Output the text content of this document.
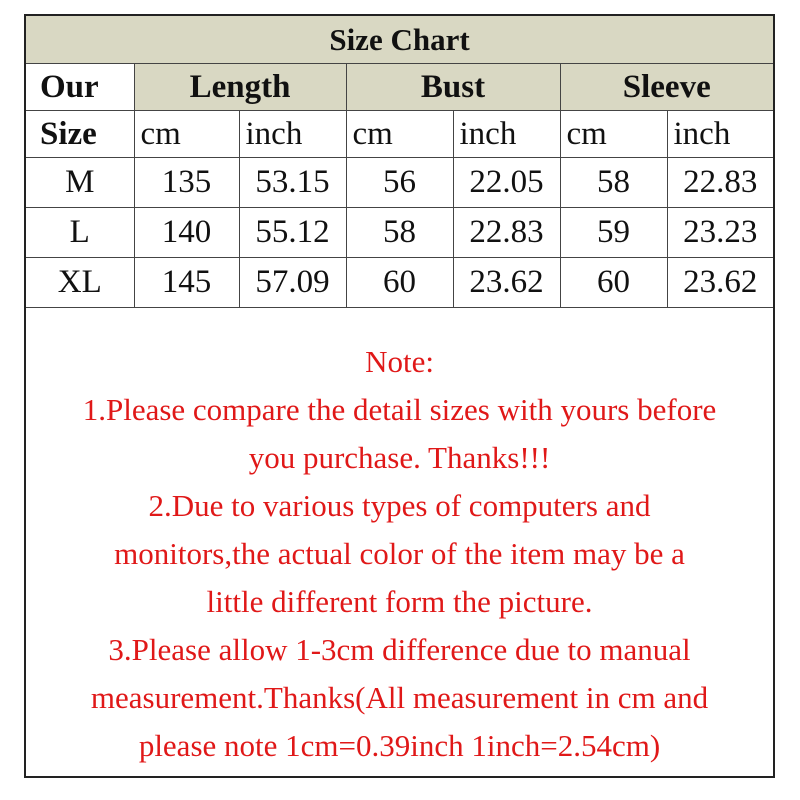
Size Chart						
Our	Length		Bust		Sleeve	
Size	cm	inch	cm	inch	cm	inch
M	135	53.15	56	22.05	58	22.83
L	140	55.12	58	22.83	59	23.23
XL	145	57.09	60	23.62	60	23.62
Note:
1.Please compare the detail sizes with yours before
you purchase. Thanks!!!
2.Due to various types of computers and
monitors,the actual color of the item may be a
little different form the picture.
3.Please allow 1-3cm difference due to manual
measurement.Thanks(All measurement in cm and
please note 1cm=0.39inch 1inch=2.54cm)
